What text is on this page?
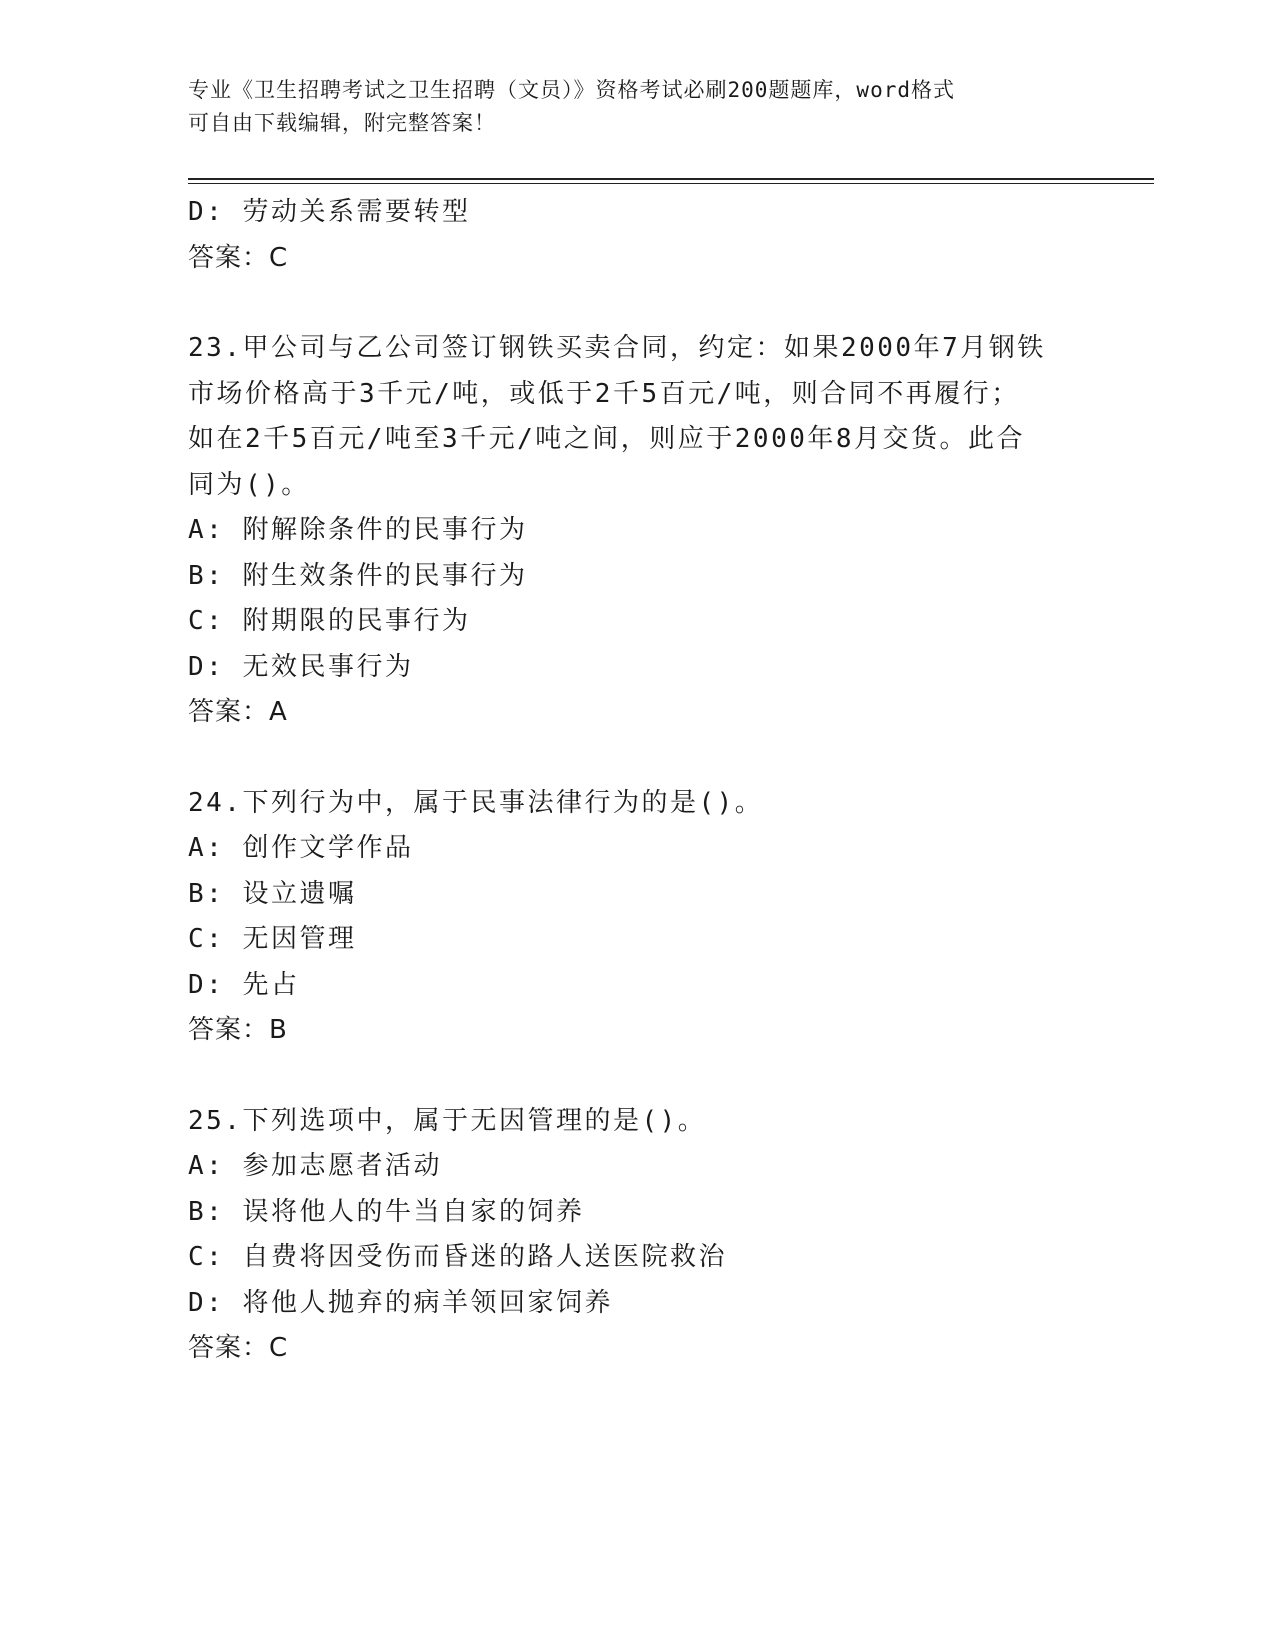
专业《卫生招聘考试之卫生招聘（文员）》资格考试必刷200题题库，word格式
可自由下载编辑，附完整答案！

D: 劳动关系需要转型

答案：C

23.甲公司与乙公司签订钢铁买卖合同，约定：如果2000年7月钢铁

市场价格高于3千元/吨，或低于2千5百元/吨，则合同不再履行；

如在2千5百元/吨至3千元/吨之间，则应于2000年8月交货。此合

同为()。

A: 附解除条件的民事行为

B: 附生效条件的民事行为

C: 附期限的民事行为

D: 无效民事行为

答案：A

24.下列行为中，属于民事法律行为的是()。

A: 创作文学作品

B: 设立遗嘱

C: 无因管理

D: 先占

答案：B

25.下列选项中，属于无因管理的是()。

A: 参加志愿者活动

B: 误将他人的牛当自家的饲养

C: 自费将因受伤而昏迷的路人送医院救治

D: 将他人抛弃的病羊领回家饲养

答案：C
